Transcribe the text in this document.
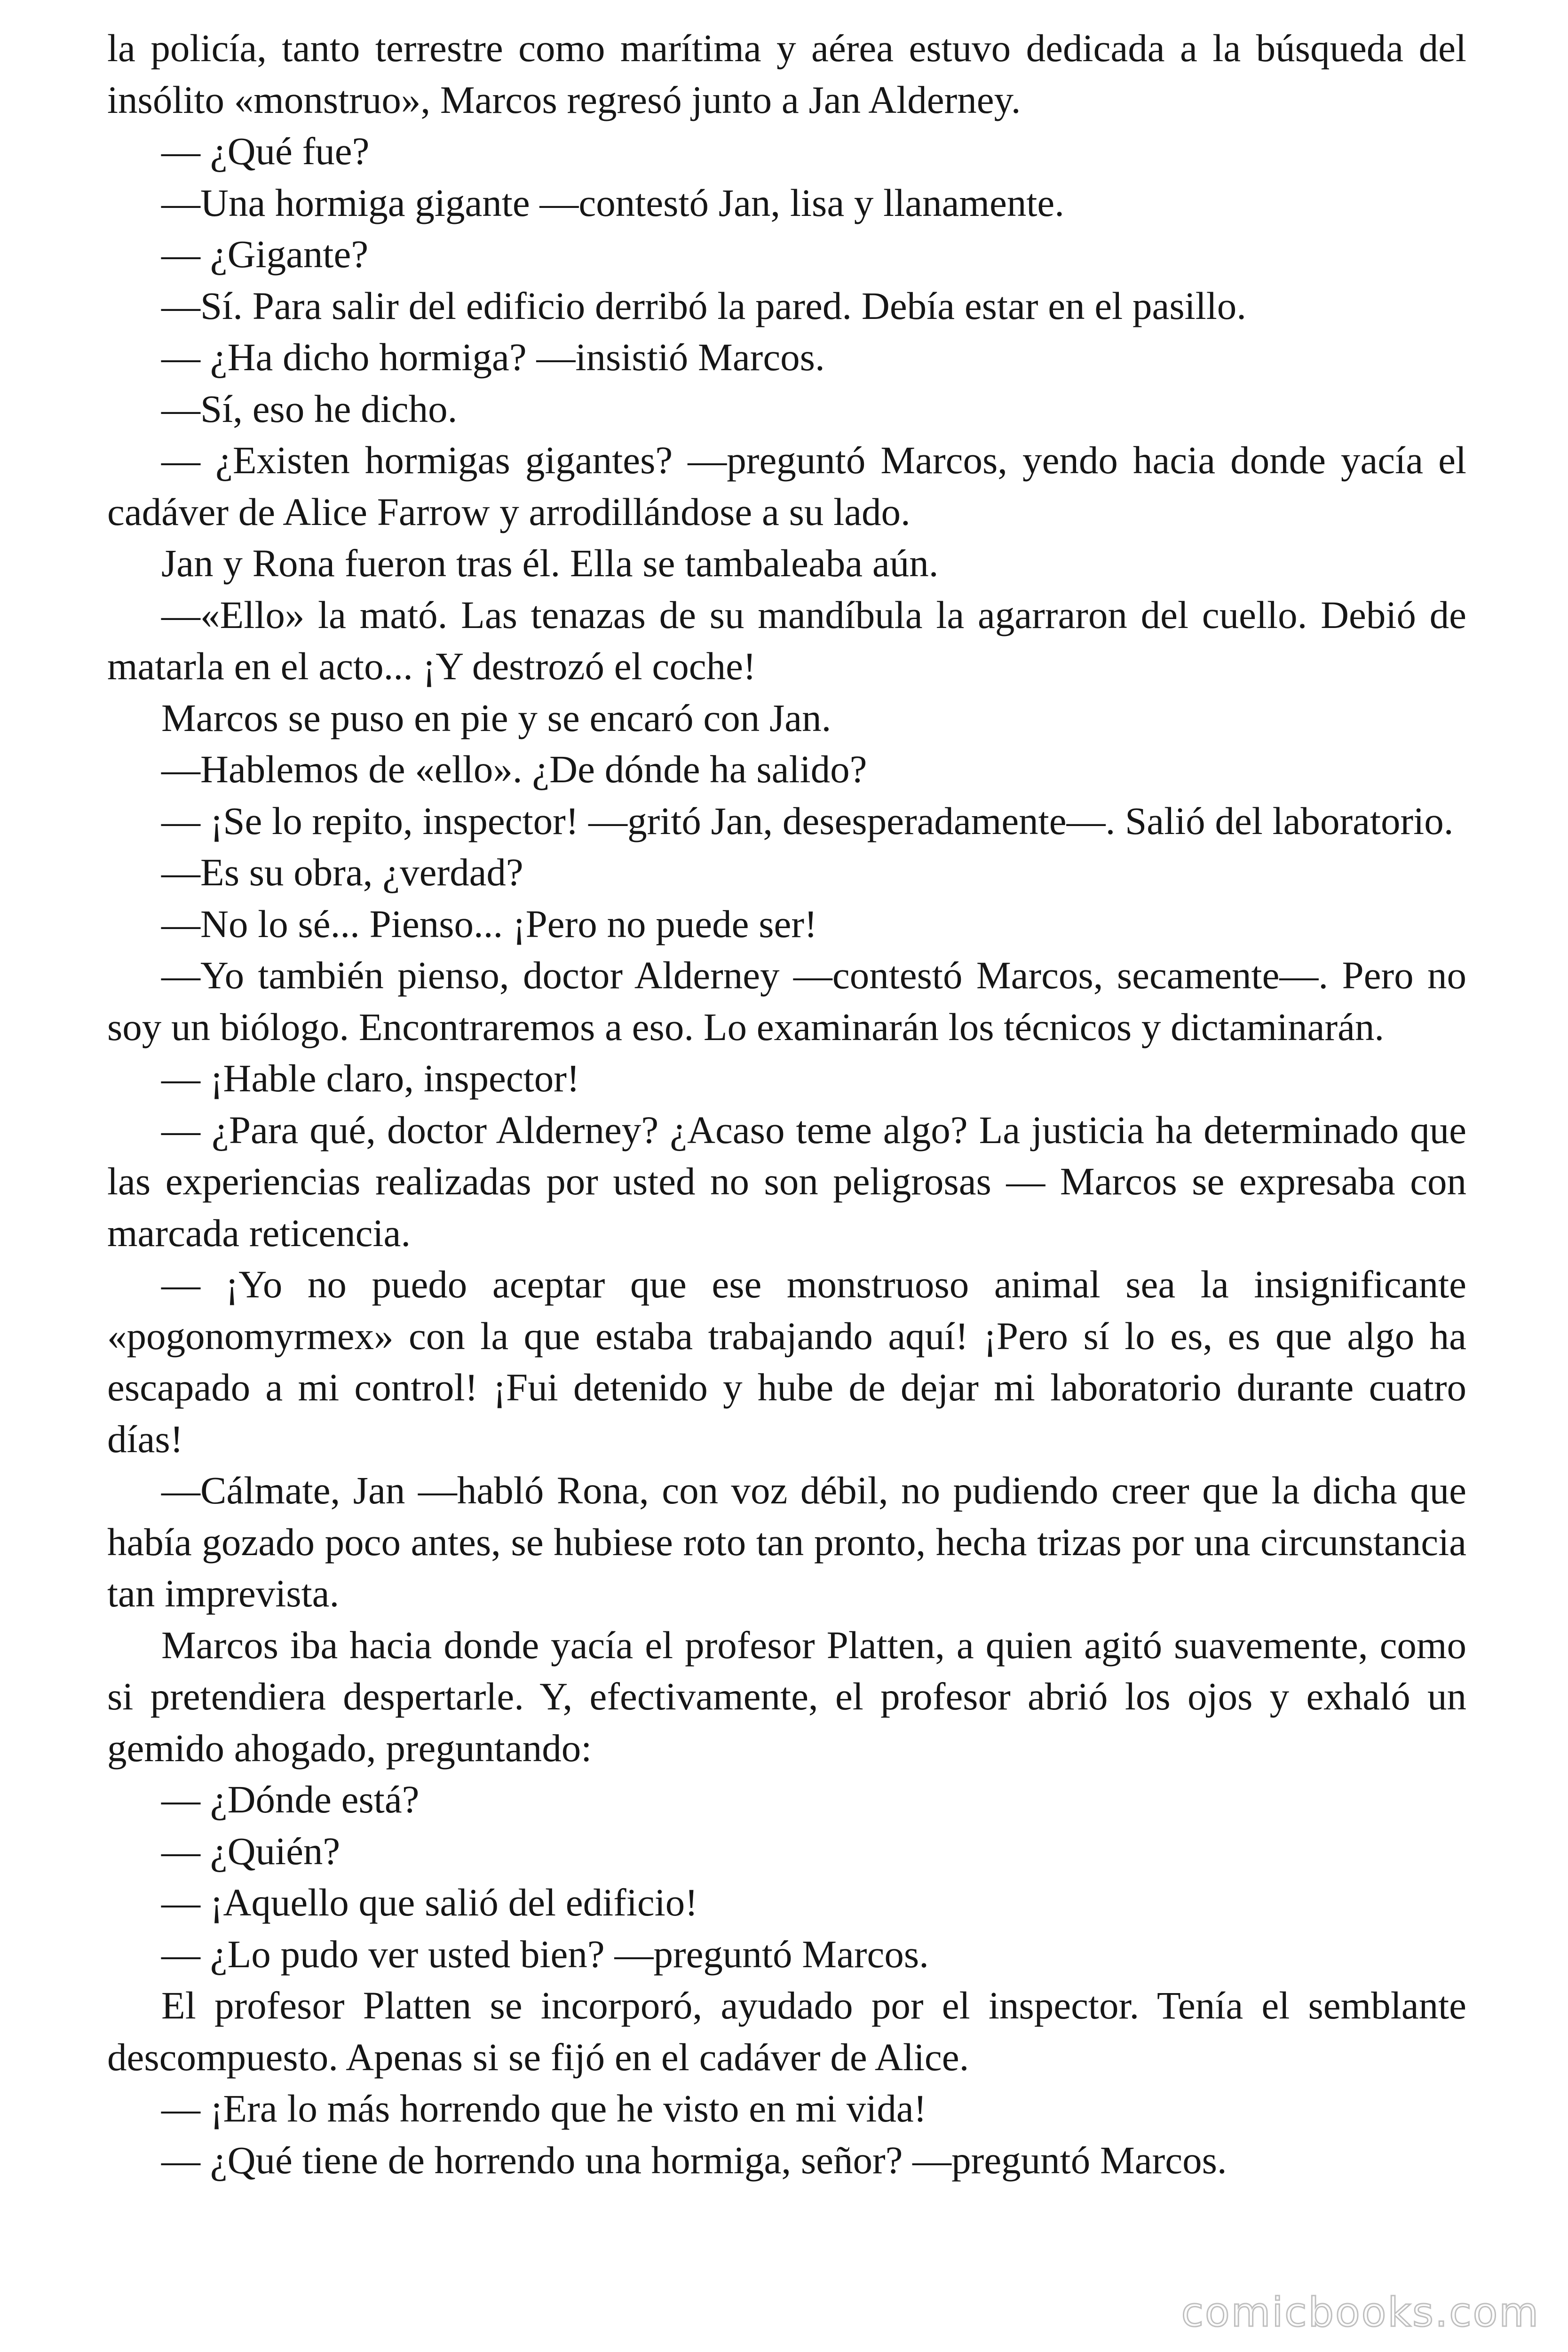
la policía, tanto terrestre como marítima y aérea estuvo dedicada a la búsqueda del insólito «monstruo», Marcos regresó junto a Jan Alderney.

— ¿Qué fue?

—Una hormiga gigante —contestó Jan, lisa y llanamente.

— ¿Gigante?

—Sí. Para salir del edificio derribó la pared. Debía estar en el pasillo.

— ¿Ha dicho hormiga? —insistió Marcos.

—Sí, eso he dicho.

— ¿Existen hormigas gigantes? —preguntó Marcos, yendo hacia donde yacía el cadáver de Alice Farrow y arrodillándose a su lado.

Jan y Rona fueron tras él. Ella se tambaleaba aún.

—«Ello» la mató. Las tenazas de su mandíbula la agarraron del cuello. Debió de matarla en el acto... ¡Y destrozó el coche!

Marcos se puso en pie y se encaró con Jan.

—Hablemos de «ello». ¿De dónde ha salido?

— ¡Se lo repito, inspector! —gritó Jan, desesperadamente—. Salió del laboratorio.

—Es su obra, ¿verdad?

—No lo sé... Pienso... ¡Pero no puede ser!

—Yo también pienso, doctor Alderney —contestó Marcos, secamente—. Pero no soy un biólogo. Encontraremos a eso. Lo examinarán los técnicos y dictaminarán.

— ¡Hable claro, inspector!

— ¿Para qué, doctor Alderney? ¿Acaso teme algo? La justicia ha determinado que las experiencias realizadas por usted no son peligrosas — Marcos se expresaba con marcada reticencia.

— ¡Yo no puedo aceptar que ese monstruoso animal sea la insignificante «pogonomyrmex» con la que estaba trabajando aquí! ¡Pero sí lo es, es que algo ha escapado a mi control! ¡Fui detenido y hube de dejar mi laboratorio durante cuatro días!

—Cálmate, Jan —habló Rona, con voz débil, no pudiendo creer que la dicha que había gozado poco antes, se hubiese roto tan pronto, hecha trizas por una circunstancia tan imprevista.

Marcos iba hacia donde yacía el profesor Platten, a quien agitó suavemente, como si pretendiera despertarle. Y, efectivamente, el profesor abrió los ojos y exhaló un gemido ahogado, preguntando:

— ¿Dónde está?

— ¿Quién?

— ¡Aquello que salió del edificio!

— ¿Lo pudo ver usted bien? —preguntó Marcos.

El profesor Platten se incorporó, ayudado por el inspector. Tenía el semblante descompuesto. Apenas si se fijó en el cadáver de Alice.

— ¡Era lo más horrendo que he visto en mi vida!

— ¿Qué tiene de horrendo una hormiga, señor? —preguntó Marcos.

comicbooks.com
